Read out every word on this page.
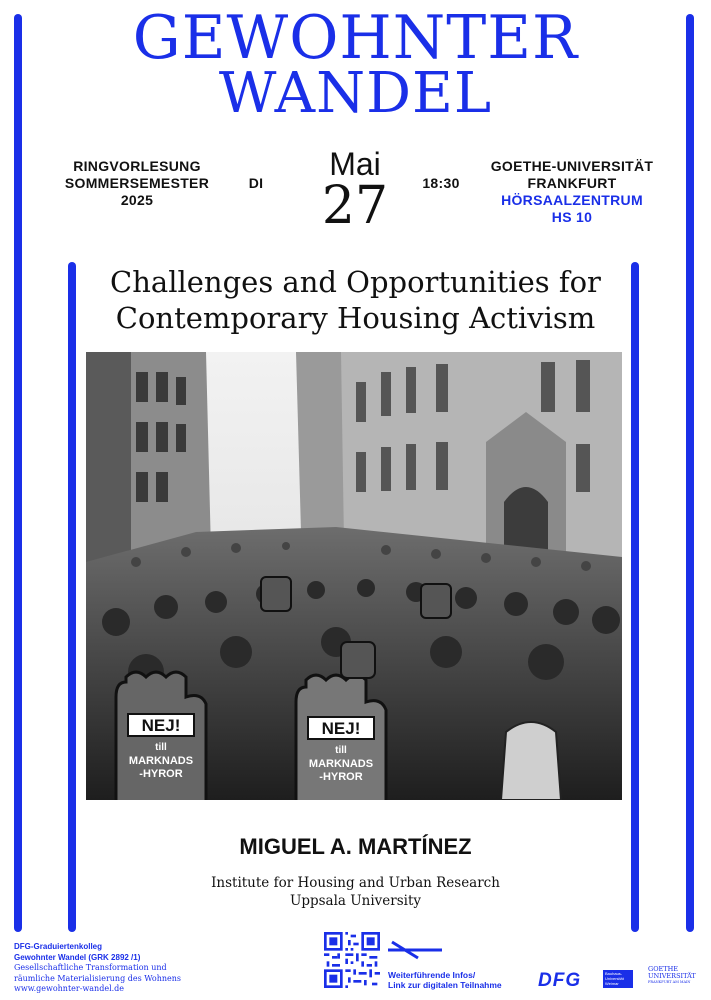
GEWOHNTER
WANDEL
RINGVORLESUNG
SOMMERSEMESTER
2025
DI
Mai
27	18:30
GOETHE-UNIVERSITÄT
FRANKFURT
HÖRSAALZENTRUM
HS 10
Challenges and Opportunities for
Contemporary Housing Activism
NEJ!
till
MARKNADS
-HYROR
NEJ!
till
MARKNADS
-HYROR
MIGUEL A. MARTÍNEZ
Institute for Housing and Urban Research
Uppsala University
DFG-Graduiertenkolleg
Gewohnter Wandel (GRK 2892 /1)
Gesellschaftliche Transformation und
räumliche Materialisierung des Wohnens
www.gewohnter-wandel.de
Weiterführende Infos/
Link zur digitalen Teilnahme DFG	Bauhaus-
Universität
Weimar
GOETHE
UNIVERSITÄT
FRANKFURT AM MAIN
